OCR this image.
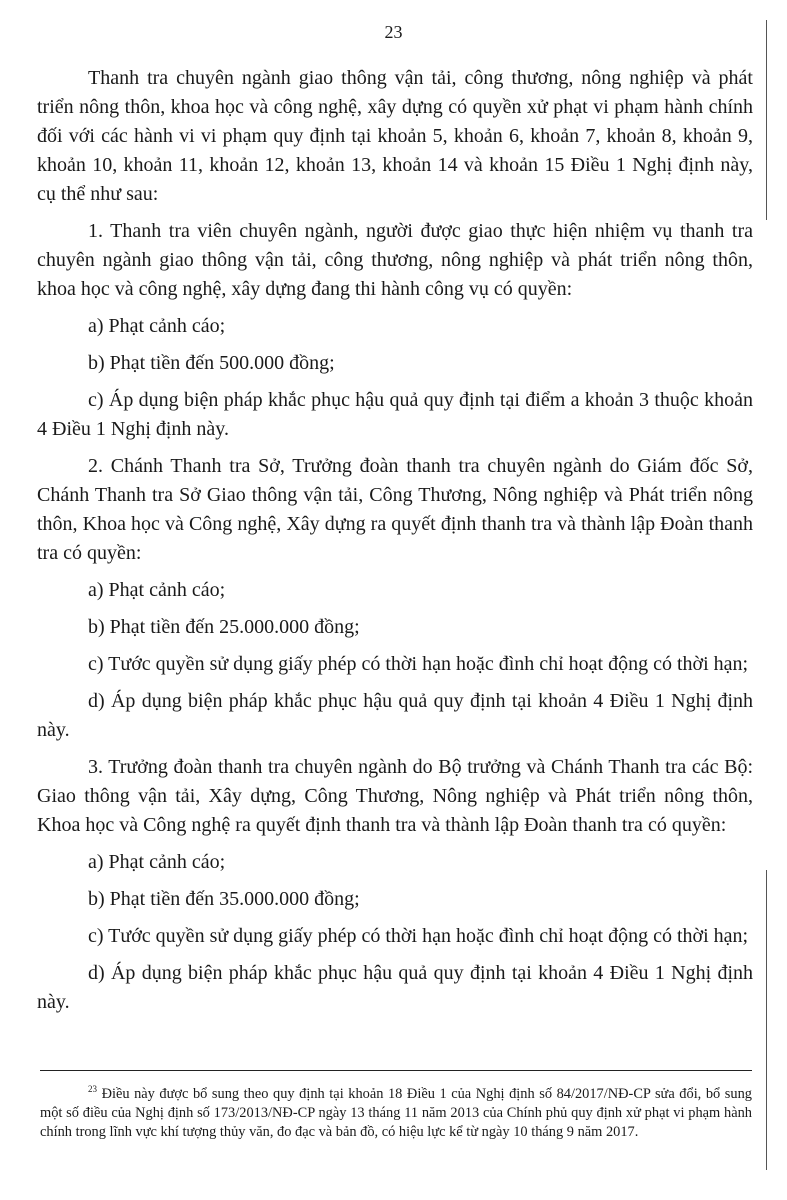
23

Thanh tra chuyên ngành giao thông vận tải, công thương, nông nghiệp và phát triển nông thôn, khoa học và công nghệ, xây dựng có quyền xử phạt vi phạm hành chính đối với các hành vi vi phạm quy định tại khoản 5, khoản 6, khoản 7, khoản 8, khoản 9, khoản 10, khoản 11, khoản 12, khoản 13, khoản 14 và khoản 15 Điều 1 Nghị định này, cụ thể như sau:

1. Thanh tra viên chuyên ngành, người được giao thực hiện nhiệm vụ thanh tra chuyên ngành giao thông vận tải, công thương, nông nghiệp và phát triển nông thôn, khoa học và công nghệ, xây dựng đang thi hành công vụ có quyền:

a) Phạt cảnh cáo;

b) Phạt tiền đến 500.000 đồng;

c) Áp dụng biện pháp khắc phục hậu quả quy định tại điểm a khoản 3 thuộc khoản 4 Điều 1 Nghị định này.

2. Chánh Thanh tra Sở, Trưởng đoàn thanh tra chuyên ngành do Giám đốc Sở, Chánh Thanh tra Sở Giao thông vận tải, Công Thương, Nông nghiệp và Phát triển nông thôn, Khoa học và Công nghệ, Xây dựng ra quyết định thanh tra và thành lập Đoàn thanh tra có quyền:

a) Phạt cảnh cáo;

b) Phạt tiền đến 25.000.000 đồng;

c) Tước quyền sử dụng giấy phép có thời hạn hoặc đình chỉ hoạt động có thời hạn;

d) Áp dụng biện pháp khắc phục hậu quả quy định tại khoản 4 Điều 1 Nghị định này.

3. Trưởng đoàn thanh tra chuyên ngành do Bộ trưởng và Chánh Thanh tra các Bộ: Giao thông vận tải, Xây dựng, Công Thương, Nông nghiệp và Phát triển nông thôn, Khoa học và Công nghệ ra quyết định thanh tra và thành lập Đoàn thanh tra có quyền:

a) Phạt cảnh cáo;

b) Phạt tiền đến 35.000.000 đồng;

c) Tước quyền sử dụng giấy phép có thời hạn hoặc đình chỉ hoạt động có thời hạn;

d) Áp dụng biện pháp khắc phục hậu quả quy định tại khoản 4 Điều 1 Nghị định này.

$^{23}$ Điều này được bổ sung theo quy định tại khoản 18 Điều 1 của Nghị định số 84/2017/NĐ-CP sửa đổi, bổ sung một số điều của Nghị định số 173/2013/NĐ-CP ngày 13 tháng 11 năm 2013 của Chính phủ quy định xử phạt vi phạm hành chính trong lĩnh vực khí tượng thủy văn, đo đạc và bản đồ, có hiệu lực kể từ ngày 10 tháng 9 năm 2017.
